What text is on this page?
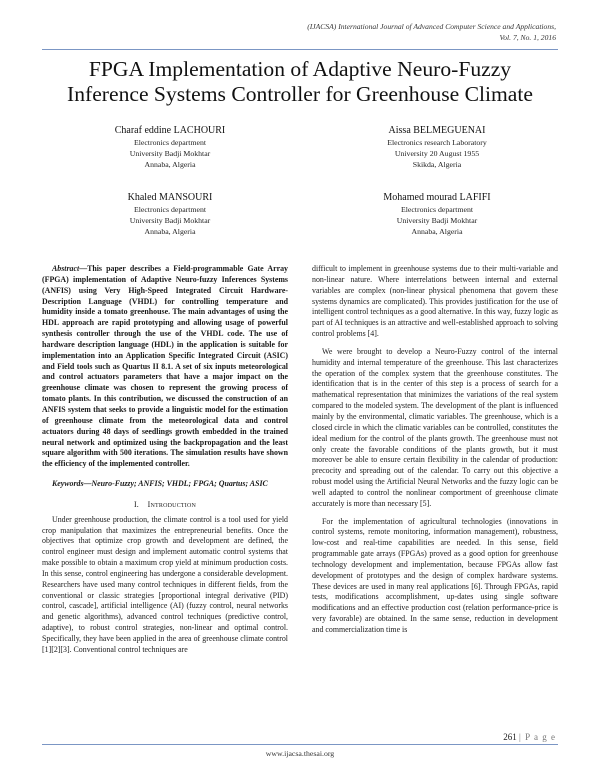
(IJACSA) International Journal of Advanced Computer Science and Applications,
Vol. 7, No. 1, 2016
FPGA Implementation of Adaptive Neuro-Fuzzy
Inference Systems Controller for Greenhouse Climate
Charaf eddine LACHOURI
Electronics department
University Badji Mokhtar
Annaba, Algeria
Aissa BELMEGUENAI
Electronics research Laboratory
University 20 August 1955
Skikda, Algeria
Khaled MANSOURI
Electronics department
University Badji Mokhtar
Annaba, Algeria
Mohamed mourad LAFIFI
Electronics department
University Badji Mokhtar
Annaba, Algeria

Abstract—This paper describes a Field-programmable Gate Array (FPGA) implementation of Adaptive Neuro-fuzzy Inferences Systems (ANFIS) using Very High-Speed Integrated Circuit Hardware-Description Language (VHDL) for controlling temperature and humidity inside a tomato greenhouse. The main advantages of using the HDL approach are rapid prototyping and allowing usage of powerful synthesis controller through the use of the VHDL code. The use of hardware description language (HDL) in the application is suitable for implementation into an Application Specific Integrated Circuit (ASIC) and Field tools such as Quartus II 8.1. A set of six inputs meteorological and control actuators parameters that have a major impact on the greenhouse climate was chosen to represent the growing process of tomato plants. In this contribution, we discussed the construction of an ANFIS system that seeks to provide a linguistic model for the estimation of greenhouse climate from the meteorological data and control actuators during 48 days of seedlings growth embedded in the trained neural network and optimized using the backpropagation and the least square algorithm with 500 iterations. The simulation results have shown the efficiency of the implemented controller.

Keywords—Neuro-Fuzzy; ANFIS; VHDL; FPGA; Quartus; ASIC

I. Introduction

Under greenhouse production, the climate control is a tool used for yield crop manipulation that maximizes the entrepreneurial benefits. Once the objectives that optimize crop growth and development are defined, the control engineer must design and implement automatic control systems that make possible to obtain a maximum crop yield at minimum production costs. In this sense, control engineering has undergone a considerable development. Researchers have used many control techniques in different fields, from the conventional or classic strategies [proportional integral derivative (PID) control, cascade], artificial intelligence (AI) (fuzzy control, neural networks and genetic algorithms), advanced control techniques (predictive control, adaptive), to robust control strategies, non-linear and optimal control. Specifically, they have been applied in the area of greenhouse climate control [1][2][3]. Conventional control techniques are

difficult to implement in greenhouse systems due to their multi-variable and non-linear nature. Where interrelations between internal and external variables are complex (non-linear physical phenomena that govern these systems dynamics are complicated). This provides justification for the use of intelligent control techniques as a good alternative. In this way, fuzzy logic as part of AI techniques is an attractive and well-established approach to solving control problems [4].

We were brought to develop a Neuro-Fuzzy control of the internal humidity and internal temperature of the greenhouse. This last characterizes the operation of the complex system that the greenhouse constitutes. The identification that is in the center of this step is a process of search for a mathematical representation that minimizes the variations of the real system compared to the modeled system. The development of the plant is influenced mainly by the environmental, climatic variables. The greenhouse, which is a closed circle in which the climatic variables can be controlled, constitutes the ideal medium for the control of the plants growth. The greenhouse must not only create the favorable conditions of the plants growth, but it must moreover be able to ensure certain flexibility in the calendar of production: precocity and spreading out of the calendar. To carry out this objective a robust model using the Artificial Neural Networks and the fuzzy logic can be well adapted to control the nonlinear comportment of greenhouse climate accurately is more than necessary [5].

For the implementation of agricultural technologies (innovations in control systems, remote monitoring, information management), robustness, low-cost and real-time capabilities are needed. In this sense, field programmable gate arrays (FPGAs) proved as a good option for greenhouse technology development and implementation, because FPGAs allow fast development of prototypes and the design of complex hardware systems. These devices are used in many real applications [6]. Through FPGAs, rapid tests, modifications accomplishment, up-dates using single software modifications and an effective production cost (relation performance-price is very favorable) are obtained. In the same sense, reduction in development and commercialization time is

261 | P a g e
www.ijacsa.thesai.org
